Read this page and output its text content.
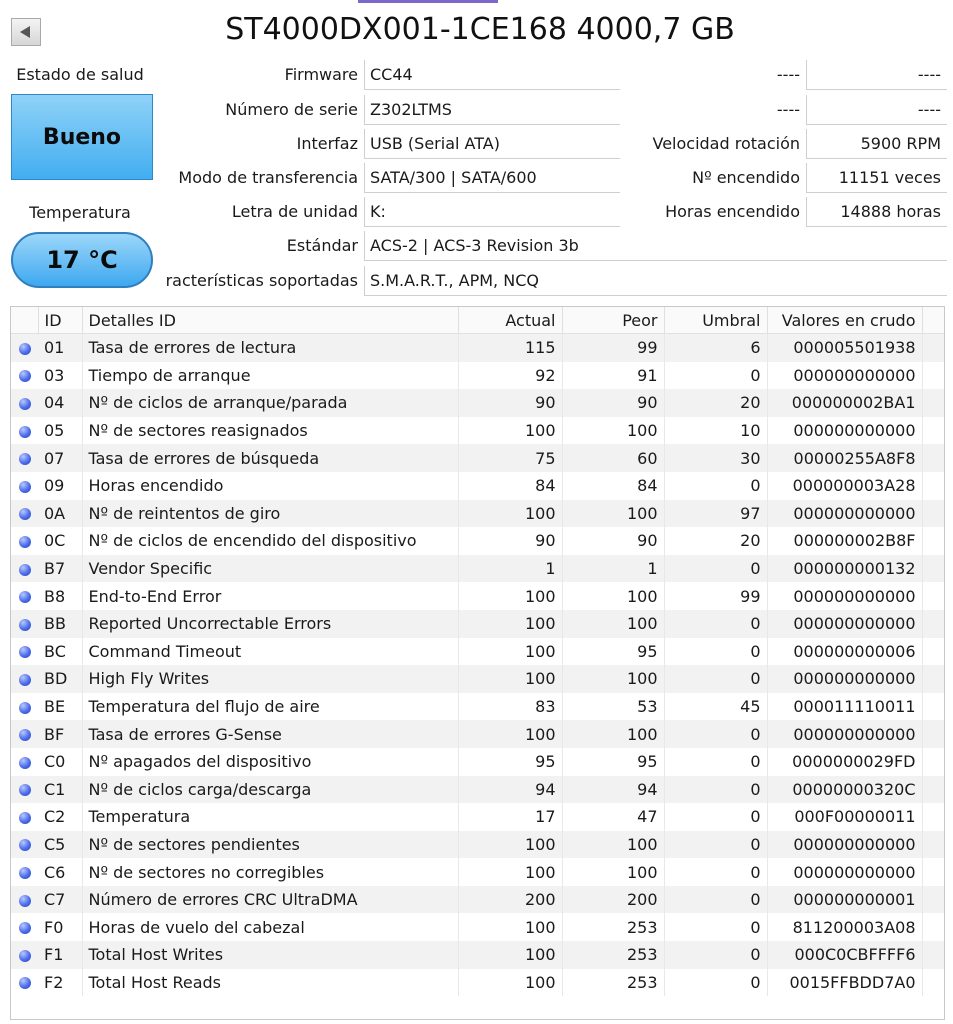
ST4000DX001-1CE168 4000,7 GB
Estado de salud
Bueno
Temperatura
17 °C
Firmware CC44
Número de serie Z302LTMS
Interfaz USB (Serial ATA)
Modo de transferencia SATA/300 | SATA/600
Letra de unidad K:
Estándar ACS-2 | ACS-3 Revision 3b
racterísticas soportadas S.M.A.R.T., APM, NCQ
----	----
----	----
Velocidad rotación	5900 RPM
Nº encendido	11151 veces
Horas encendido	14888 horas
	ID	Detalles ID	Actual	Peor	Umbral	Valores en crudo	
	01	Tasa de errores de lectura	115	99	6	000005501938	
	03	Tiempo de arranque	92	91	0	000000000000	
	04	Nº de ciclos de arranque/parada	90	90	20	000000002BA1	
	05	Nº de sectores reasignados	100	100	10	000000000000	
	07	Tasa de errores de búsqueda	75	60	30	00000255A8F8	
	09	Horas encendido	84	84	0	000000003A28	
	0A	Nº de reintentos de giro	100	100	97	000000000000	
	0C	Nº de ciclos de encendido del dispositivo	90	90	20	000000002B8F	
	B7	Vendor Specific	1	1	0	000000000132	
	B8	End-to-End Error	100	100	99	000000000000	
	BB	Reported Uncorrectable Errors	100	100	0	000000000000	
	BC	Command Timeout	100	95	0	000000000006	
	BD	High Fly Writes	100	100	0	000000000000	
	BE	Temperatura del flujo de aire	83	53	45	000011110011	
	BF	Tasa de errores G-Sense	100	100	0	000000000000	
	C0	Nº apagados del dispositivo	95	95	0	0000000029FD	
	C1	Nº de ciclos carga/descarga	94	94	0	00000000320C	
	C2	Temperatura	17	47	0	000F00000011	
	C5	Nº de sectores pendientes	100	100	0	000000000000	
	C6	Nº de sectores no corregibles	100	100	0	000000000000	
	C7	Número de errores CRC UltraDMA	200	200	0	000000000001	
	F0	Horas de vuelo del cabezal	100	253	0	811200003A08	
	F1	Total Host Writes	100	253	0	000C0CBFFFF6	
	F2	Total Host Reads	100	253	0	0015FFBDD7A0	
